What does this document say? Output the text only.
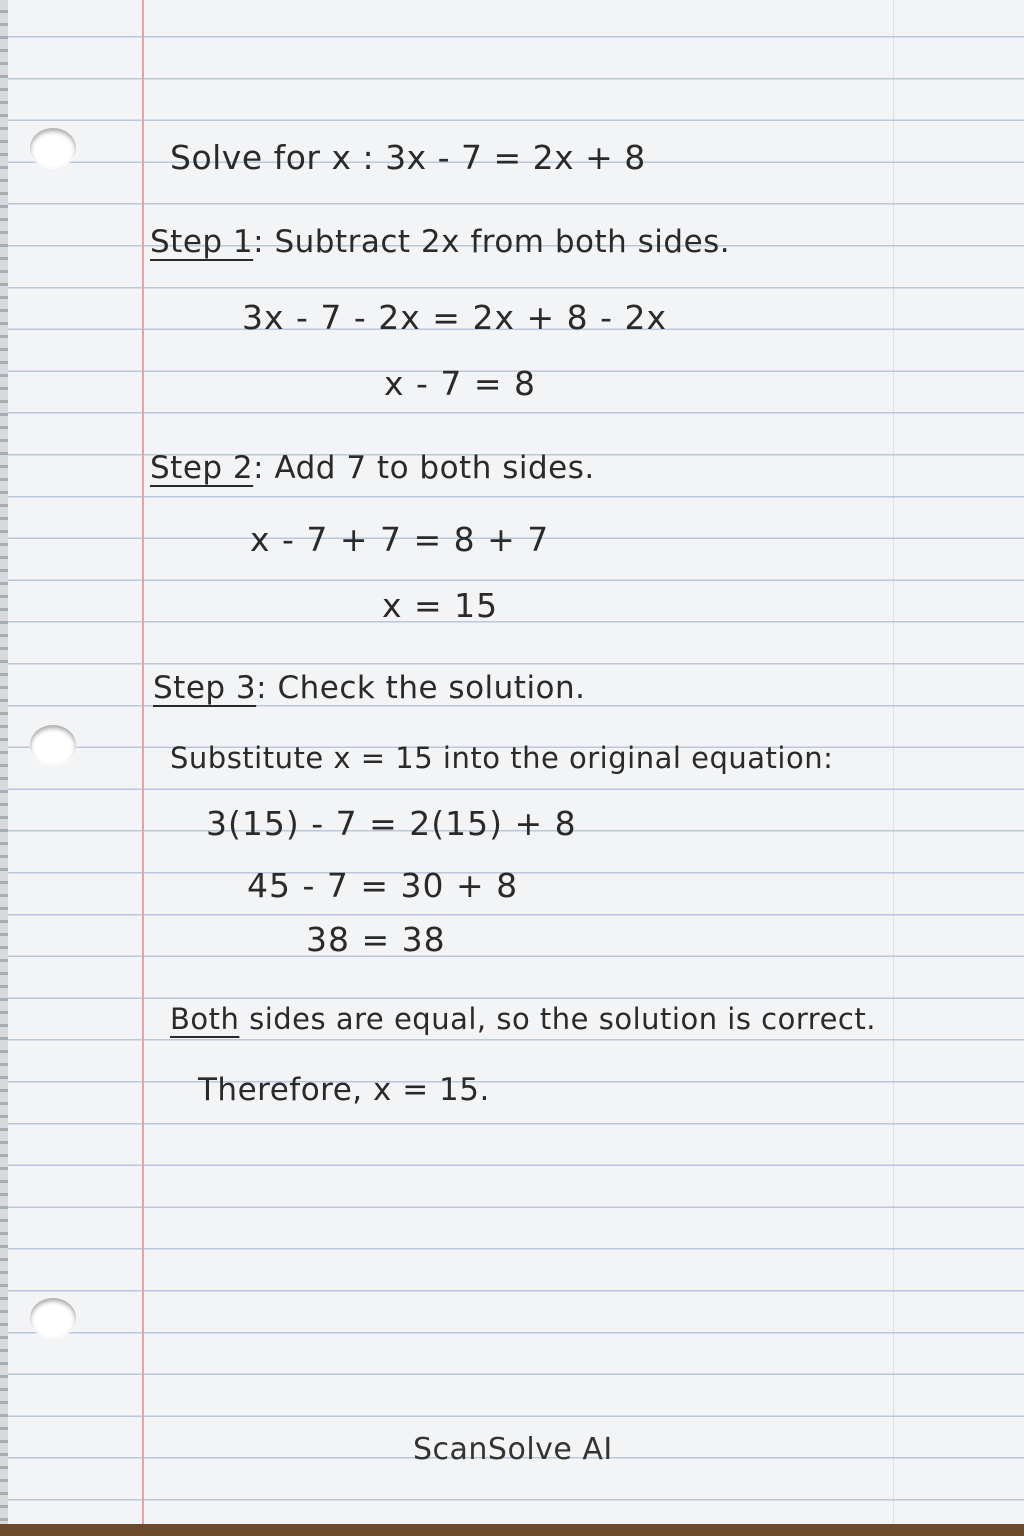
Solve for x : 3x - 7 = 2x + 8
Step 1: Subtract 2x from both sides.
3x - 7 - 2x = 2x + 8 - 2x
x - 7 = 8
Step 2: Add 7 to both sides.
x - 7 + 7 = 8 + 7
x = 15
Step 3: Check the solution.
Substitute x = 15 into the original equation:
3(15) - 7 = 2(15) + 8
45 - 7 = 30 + 8
38 = 38
Both sides are equal, so the solution is correct.
Therefore, x = 15.
ScanSolve AI
